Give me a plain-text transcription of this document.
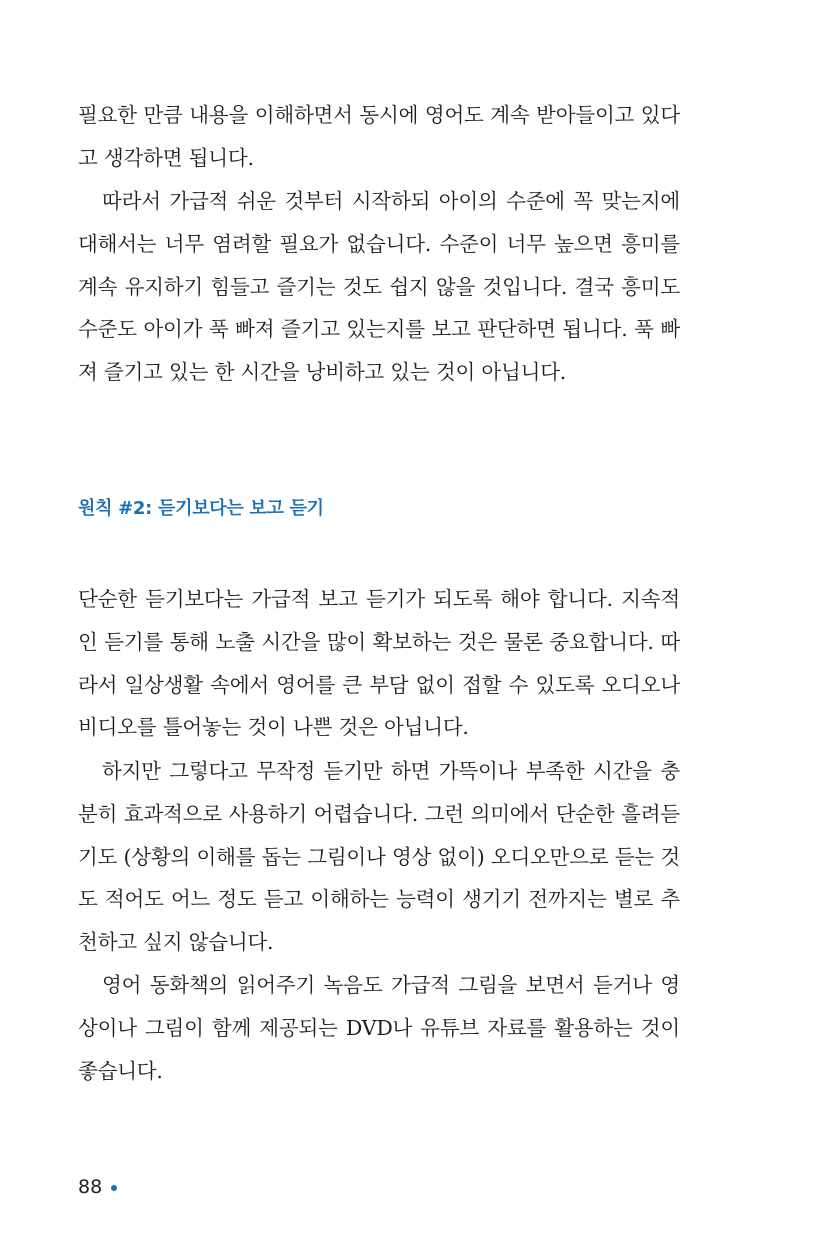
필요한 만큼 내용을 이해하면서 동시에 영어도 계속 받아들이고 있다고 생각하면 됩니다.

따라서 가급적 쉬운 것부터 시작하되 아이의 수준에 꼭 맞는지에 대해서는 너무 염려할 필요가 없습니다. 수준이 너무 높으면 흥미를 계속 유지하기 힘들고 즐기는 것도 쉽지 않을 것입니다. 결국 흥미도 수준도 아이가 푹 빠져 즐기고 있는지를 보고 판단하면 됩니다. 푹 빠져 즐기고 있는 한 시간을 낭비하고 있는 것이 아닙니다.

원칙 #2: 듣기보다는 보고 듣기

단순한 듣기보다는 가급적 보고 듣기가 되도록 해야 합니다. 지속적인 듣기를 통해 노출 시간을 많이 확보하는 것은 물론 중요합니다. 따라서 일상생활 속에서 영어를 큰 부담 없이 접할 수 있도록 오디오나 비디오를 틀어놓는 것이 나쁜 것은 아닙니다.

하지만 그렇다고 무작정 듣기만 하면 가뜩이나 부족한 시간을 충분히 효과적으로 사용하기 어렵습니다. 그런 의미에서 단순한 흘려듣기도 (상황의 이해를 돕는 그림이나 영상 없이) 오디오만으로 듣는 것도 적어도 어느 정도 듣고 이해하는 능력이 생기기 전까지는 별로 추천하고 싶지 않습니다.

영어 동화책의 읽어주기 녹음도 가급적 그림을 보면서 듣거나 영상이나 그림이 함께 제공되는 DVD나 유튜브 자료를 활용하는 것이 좋습니다.

88
